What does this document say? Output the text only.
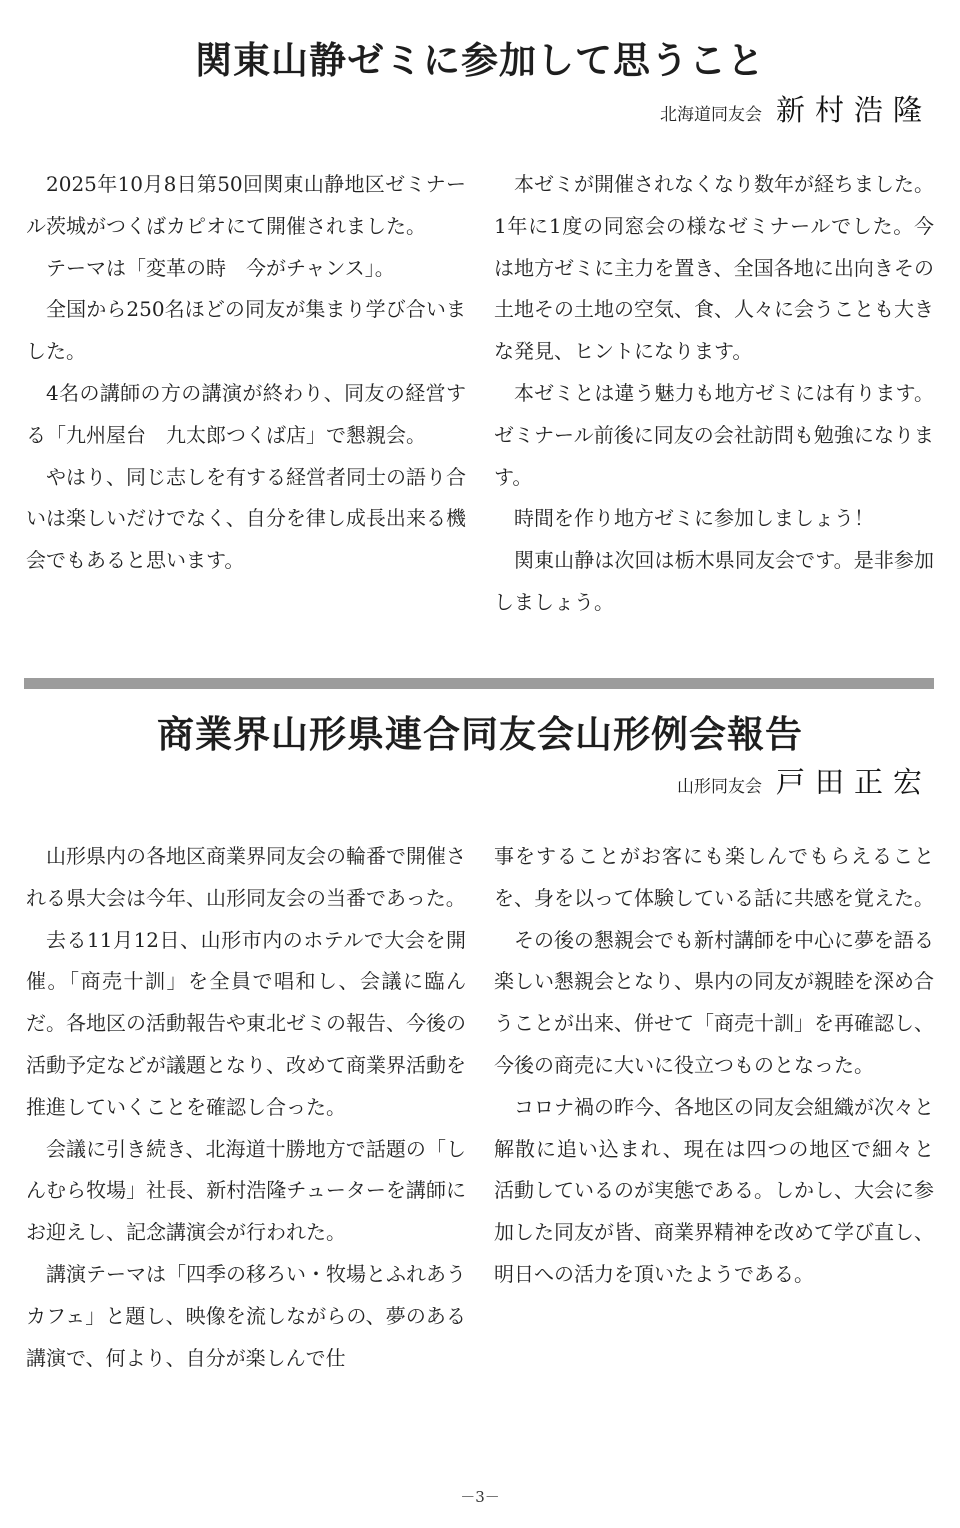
関東山静ゼミに参加して思うこと
北海道同友会 新村浩隆

2025年10月8日第50回関東山静地区ゼミナール茨城がつくばカピオにて開催されました。

テーマは「変革の時　今がチャンス」。

全国から250名ほどの同友が集まり学び合いました。

4名の講師の方の講演が終わり、同友の経営する「九州屋台　九太郎つくば店」で懇親会。

やはり、同じ志しを有する経営者同士の語り合いは楽しいだけでなく、自分を律し成長出来る機会でもあると思います。

本ゼミが開催されなくなり数年が経ちました。1年に1度の同窓会の様なゼミナールでした。今は地方ゼミに主力を置き、全国各地に出向きその土地その土地の空気、食、人々に会うことも大きな発見、ヒントになります。

本ゼミとは違う魅力も地方ゼミには有ります。ゼミナール前後に同友の会社訪問も勉強になります。

時間を作り地方ゼミに参加しましょう！

関東山静は次回は栃木県同友会です。是非参加しましょう。

商業界山形県連合同友会山形例会報告
山形同友会 戸田正宏

山形県内の各地区商業界同友会の輪番で開催される県大会は今年、山形同友会の当番であった。

去る11月12日、山形市内のホテルで大会を開催。「商売十訓」を全員で唱和し、会議に臨んだ。各地区の活動報告や東北ゼミの報告、今後の活動予定などが議題となり、改めて商業界活動を推進していくことを確認し合った。

会議に引き続き、北海道十勝地方で話題の「しんむら牧場」社長、新村浩隆チューターを講師にお迎えし、記念講演会が行われた。

講演テーマは「四季の移ろい・牧場とふれあうカフェ」と題し、映像を流しながらの、夢のある講演で、何より、自分が楽しんで仕

事をすることがお客にも楽しんでもらえることを、身を以って体験している話に共感を覚えた。

その後の懇親会でも新村講師を中心に夢を語る楽しい懇親会となり、県内の同友が親睦を深め合うことが出来、併せて「商売十訓」を再確認し、今後の商売に大いに役立つものとなった。

コロナ禍の昨今、各地区の同友会組織が次々と解散に追い込まれ、現在は四つの地区で細々と活動しているのが実態である。しかし、大会に参加した同友が皆、商業界精神を改めて学び直し、明日への活力を頂いたようである。

－3－
